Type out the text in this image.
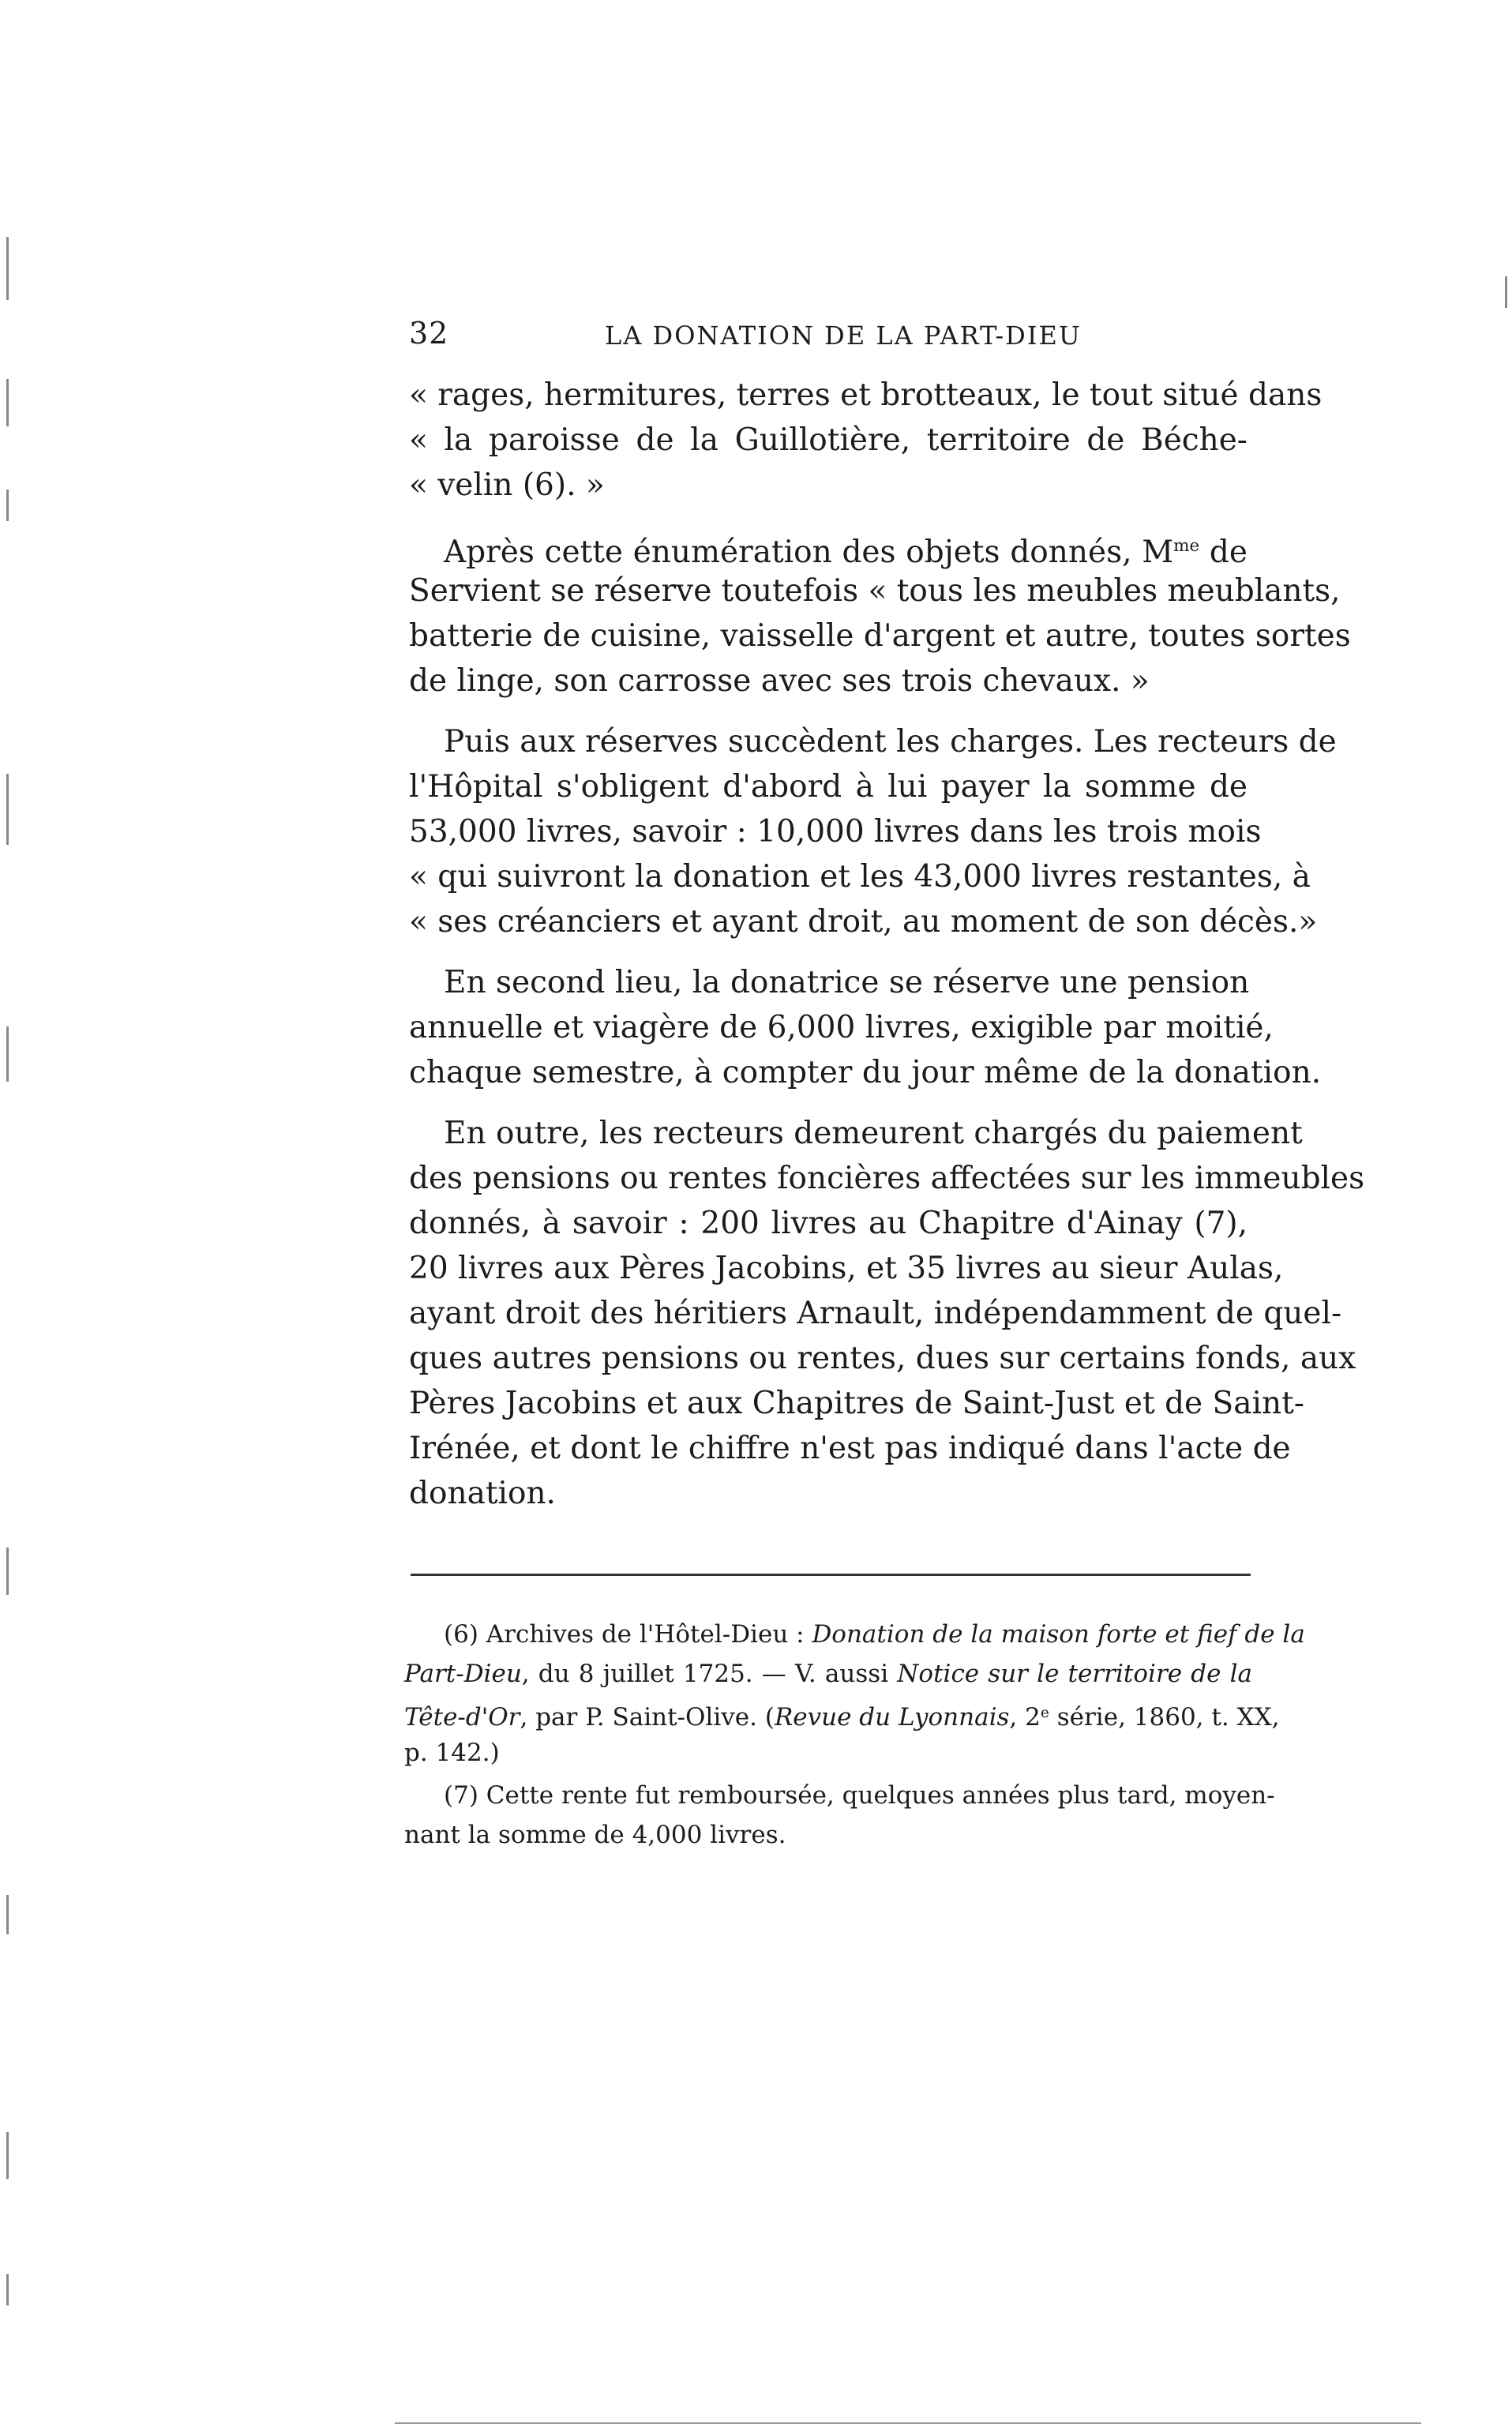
32	LA DONATION DE LA PART-DIEU
« rages, hermitures, terres et brotteaux, le tout situé dans
« la paroisse de la Guillotière, territoire de Béche-
« velin (6). »
Après cette énumération des objets donnés, $M^{me}$ de
Servient se réserve toutefois « tous les meubles meublants,
batterie de cuisine, vaisselle d'argent et autre, toutes sortes
de linge, son carrosse avec ses trois chevaux. »
Puis aux réserves succèdent les charges. Les recteurs de
l'Hôpital s'obligent d'abord à lui payer la somme de
53,000 livres, savoir : 10,000 livres dans les trois mois
« qui suivront la donation et les 43,000 livres restantes, à
« ses créanciers et ayant droit, au moment de son décès.»
En second lieu, la donatrice se réserve une pension
annuelle et viagère de 6,000 livres, exigible par moitié,
chaque semestre, à compter du jour même de la donation.
En outre, les recteurs demeurent chargés du paiement
des pensions ou rentes foncières affectées sur les immeubles
donnés, à savoir : 200 livres au Chapitre d'Ainay (7),
20 livres aux Pères Jacobins, et 35 livres au sieur Aulas,
ayant droit des héritiers Arnault, indépendamment de quel-
ques autres pensions ou rentes, dues sur certains fonds, aux
Pères Jacobins et aux Chapitres de Saint-Just et de Saint-
Irénée, et dont le chiffre n'est pas indiqué dans l'acte de
donation.
(6) Archives de l'Hôtel-Dieu : Donation de la maison forte et fief de la
Part-Dieu, du 8 juillet 1725. — V. aussi Notice sur le territoire de la
Tête-d'Or, par P. Saint-Olive. (Revue du Lyonnais, 2e série, 1860, t. XX,
p. 142.)
(7) Cette rente fut remboursée, quelques années plus tard, moyen-
nant la somme de 4,000 livres.
